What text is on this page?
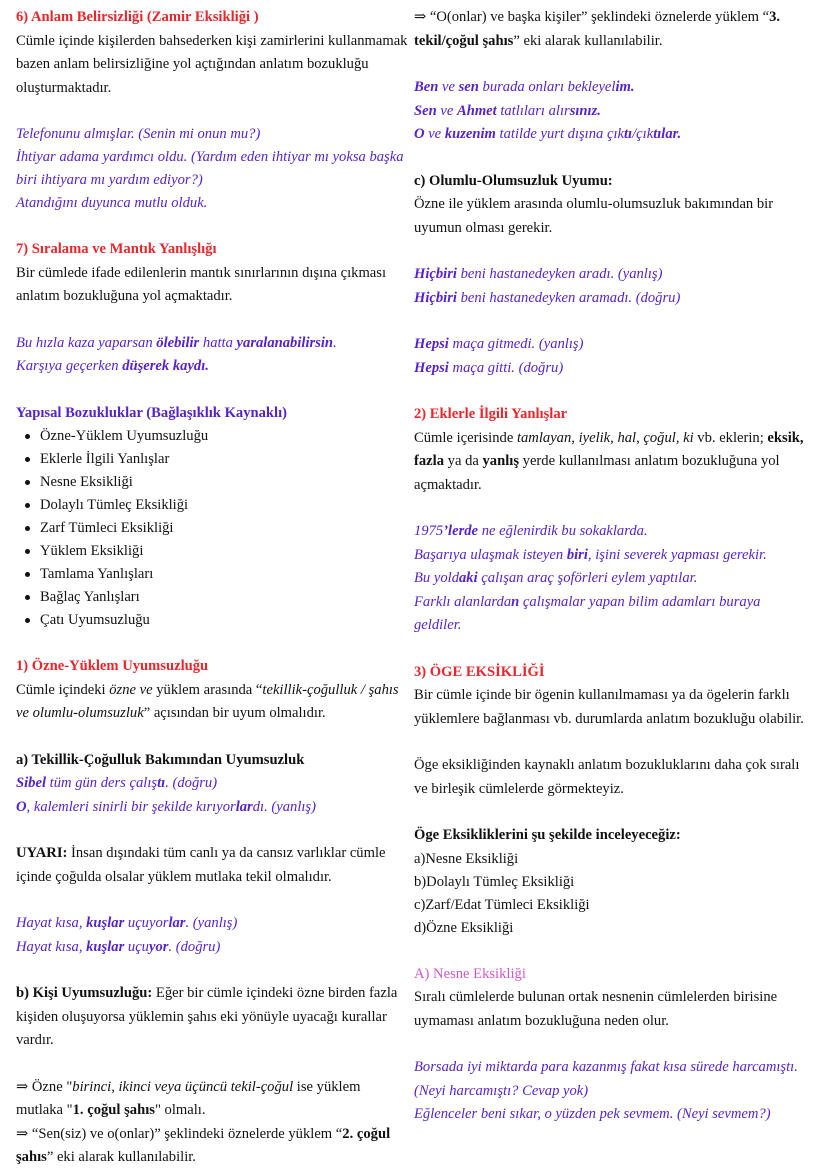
6) Anlam Belirsizliği (Zamir Eksikliği )

Cümle içinde kişilerden bahsederken kişi zamirlerini kullanmamak bazen anlam belirsizliğine yol açtığından anlatım bozukluğu oluşturmaktadır.

Telefonunu almışlar. (Senin mi onun mu?)

İhtiyar adama yardımcı oldu. (Yardım eden ihtiyar mı yoksa başka biri ihtiyara mı yardım ediyor?)

Atandığını duyunca mutlu olduk.

7) Sıralama ve Mantık Yanlışlığı

Bir cümlede ifade edilenlerin mantık sınırlarının dışına çıkması anlatım bozukluğuna yol açmaktadır.

Bu hızla kaza yaparsan ölebilir hatta yaralanabilirsin.

Karşıya geçerken düşerek kaydı.

Yapısal Bozukluklar (Bağlaşıklık Kaynaklı)

Özne-Yüklem Uyumsuzluğu
Eklerle İlgili Yanlışlar
Nesne Eksikliği
Dolaylı Tümleç Eksikliği
Zarf Tümleci Eksikliği
Yüklem Eksikliği
Tamlama Yanlışları
Bağlaç Yanlışları
Çatı Uyumsuzluğu

1) Özne-Yüklem Uyumsuzluğu

Cümle içindeki özne ve yüklem arasında “tekillik-çoğulluk / şahıs ve olumlu-olumsuzluk” açısından bir uyum olmalıdır.

a) Tekillik-Çoğulluk Bakımından Uyumsuzluk

Sibel tüm gün ders çalıştı. (doğru)

O, kalemleri sinirli bir şekilde kırıyorlardı. (yanlış)

UYARI: İnsan dışındaki tüm canlı ya da cansız varlıklar cümle içinde çoğulda olsalar yüklem mutlaka tekil olmalıdır.

Hayat kısa, kuşlar uçuyorlar. (yanlış)

Hayat kısa, kuşlar uçuyor. (doğru)

b) Kişi Uyumsuzluğu: Eğer bir cümle içindeki özne birden fazla kişiden oluşuyorsa yüklemin şahıs eki yönüyle uyacağı kurallar vardır.

⇒ Özne "birinci, ikinci veya üçüncü tekil-çoğul ise yüklem mutlaka "1. çoğul şahıs" olmalı.

⇒ “Sen(siz) ve o(onlar)” şeklindeki öznelerde yüklem “2. çoğul şahıs” eki alarak kullanılabilir.

⇒ “O(onlar) ve başka kişiler” şeklindeki öznelerde yüklem “3. tekil/çoğul şahıs” eki alarak kullanılabilir.

Ben ve sen burada onları bekleyelim.

Sen ve Ahmet tatlıları alırsınız.

O ve kuzenim tatilde yurt dışına çıktı/çıktılar.

c) Olumlu-Olumsuzluk Uyumu:

Özne ile yüklem arasında olumlu-olumsuzluk bakımından bir uyumun olması gerekir.

Hiçbiri beni hastanedeyken aradı. (yanlış)

Hiçbiri beni hastanedeyken aramadı. (doğru)

Hepsi maça gitmedi. (yanlış)

Hepsi maça gitti. (doğru)

2) Eklerle İlgili Yanlışlar

Cümle içerisinde tamlayan, iyelik, hal, çoğul, ki vb. eklerin; eksik, fazla ya da yanlış yerde kullanılması anlatım bozukluğuna yol açmaktadır.

1975’lerde ne eğlenirdik bu sokaklarda.

Başarıya ulaşmak isteyen biri, işini severek yapması gerekir.

Bu yoldaki çalışan araç şoförleri eylem yaptılar.

Farklı alanlardan çalışmalar yapan bilim adamları buraya geldiler.

3) ÖGE EKSİKLİĞİ

Bir cümle içinde bir ögenin kullanılmaması ya da ögelerin farklı yüklemlere bağlanması vb. durumlarda anlatım bozukluğu olabilir.

Öge eksikliğinden kaynaklı anlatım bozukluklarını daha çok sıralı ve birleşik cümlelerde görmekteyiz.

Öge Eksikliklerini şu şekilde inceleyeceğiz:

a)Nesne Eksikliği

b)Dolaylı Tümleç Eksikliği

c)Zarf/Edat Tümleci Eksikliği

d)Özne Eksikliği

A) Nesne Eksikliği

Sıralı cümlelerde bulunan ortak nesnenin cümlelerden birisine uymaması anlatım bozukluğuna neden olur.

Borsada iyi miktarda para kazanmış fakat kısa sürede harcamıştı. (Neyi harcamıştı? Cevap yok)

Eğlenceler beni sıkar, o yüzden pek sevmem. (Neyi sevmem?)
